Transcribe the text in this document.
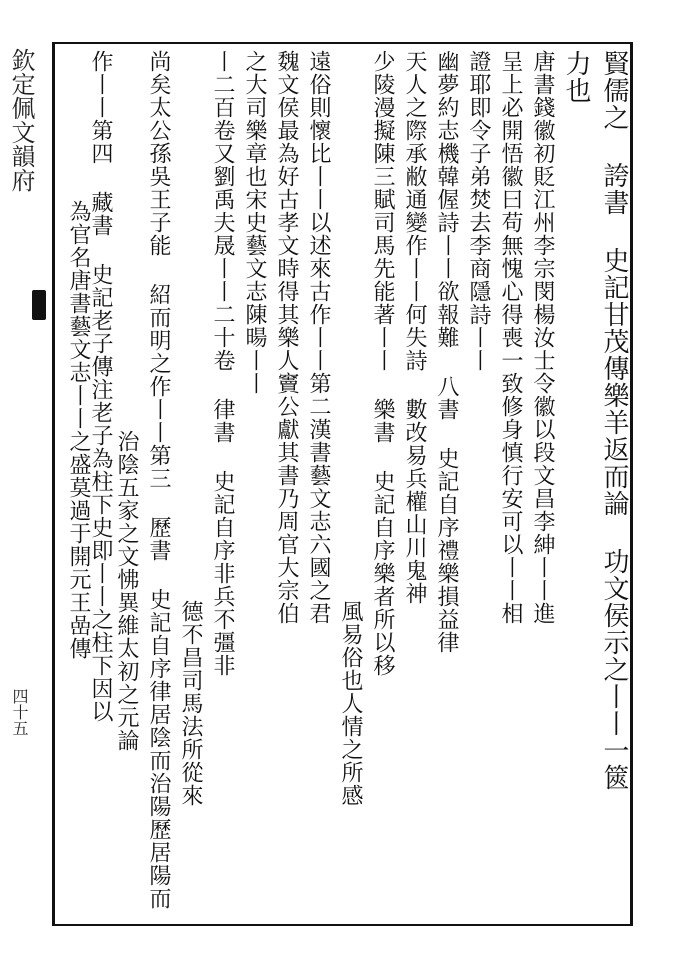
欽定佩文韻府
四十五	賢儒之 誇書 史記甘茂傳樂羊返而論 功文侯示之丨丨一篋
力也
唐書錢徽初貶江州李宗閔楊汝士令徽以段文昌李紳丨丨進
呈上必開悟徽曰苟無愧心得喪一致修身慎行安可以丨丨相
證耶即令子弟焚去李商隱詩丨丨
幽夢約志機韓偓詩丨丨欲報難 八書 史記自序禮樂損益律
天人之際承敝通變作丨丨何失詩 數改易兵權山川鬼神
少陵漫擬陳三賦司馬先能著丨丨 樂書 史記自序樂者所以移
風易俗也人情之所感
遠俗則懷比丨丨以述來古作丨丨第二漢書藝文志六國之君
魏文侯最為好古孝文時得其樂人竇公獻其書乃周官大宗伯
之大司樂章也宋史藝文志陳暘丨丨
丨二百卷又劉禹夫晟丨丨二十卷 律書 史記自序非兵不彊非
德不昌司馬法所從來
尚矣太公孫吳王子能 紹而明之作丨丨第三 歷書 史記自序律居陰而治陽歷居陽而
治陰五家之文怫異維太初之元論
作丨丨第四 藏書 史記老子傳注老子為柱下史即丨丨之柱下因以
為官名唐書藝文志丨丨之盛莫過于開元王嵒傳
